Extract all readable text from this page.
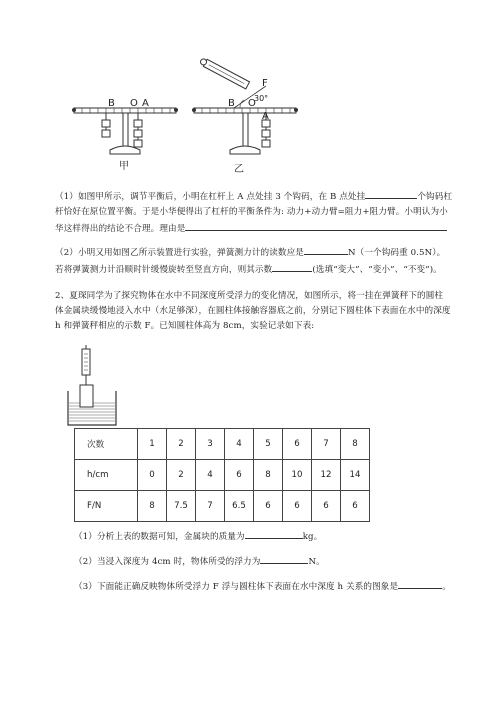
B O A
甲
B O
A
F
30°
乙
（1）如图甲所示，调节平衡后，小明在杠杆上 A 点处挂 3 个钩码，在 B 点处挂	个钩码杠
杆恰好在原位置平衡。于是小华便得出了杠杆的平衡条件为: 动力+动力臂=阻力+阻力臂。小明认为小
华这样得出的结论不合理。理由是
（2）小明又用如图乙所示装置进行实验，弹簧测力计的读数应是	N（一个钩码重 0.5N）。
若将弹簧测力计沿顺时针缓慢旋转至竖直方向，则其示数	(选填“变大”、“变小”、“不变”)。
2、夏琛同学为了探究物体在水中不同深度所受浮力的变化情况，如图所示，将一挂在弹簧秤下的圆柱
体金属块缓慢地浸入水中（水足够深），在圆柱体接触容器底之前，分别记下圆柱体下表面在水中的深度
h 和弹簧秤相应的示数 F。已知圆柱体高为 8cm，实验记录如下表:
次数	1	2	3	4	5	6	7	8
h/cm	0	2	4	6	8	10	12	14
F/N	8	7.5	7	6.5	6	6	6	6
（1）分析上表的数据可知，金属块的质量为	kg。
（2）当浸入深度为 4cm 时，物体所受的浮力为	N。
（3）下面能正确反映物体所受浮力 F 浮与圆柱体下表面在水中深度 h 关系的图象是	。
